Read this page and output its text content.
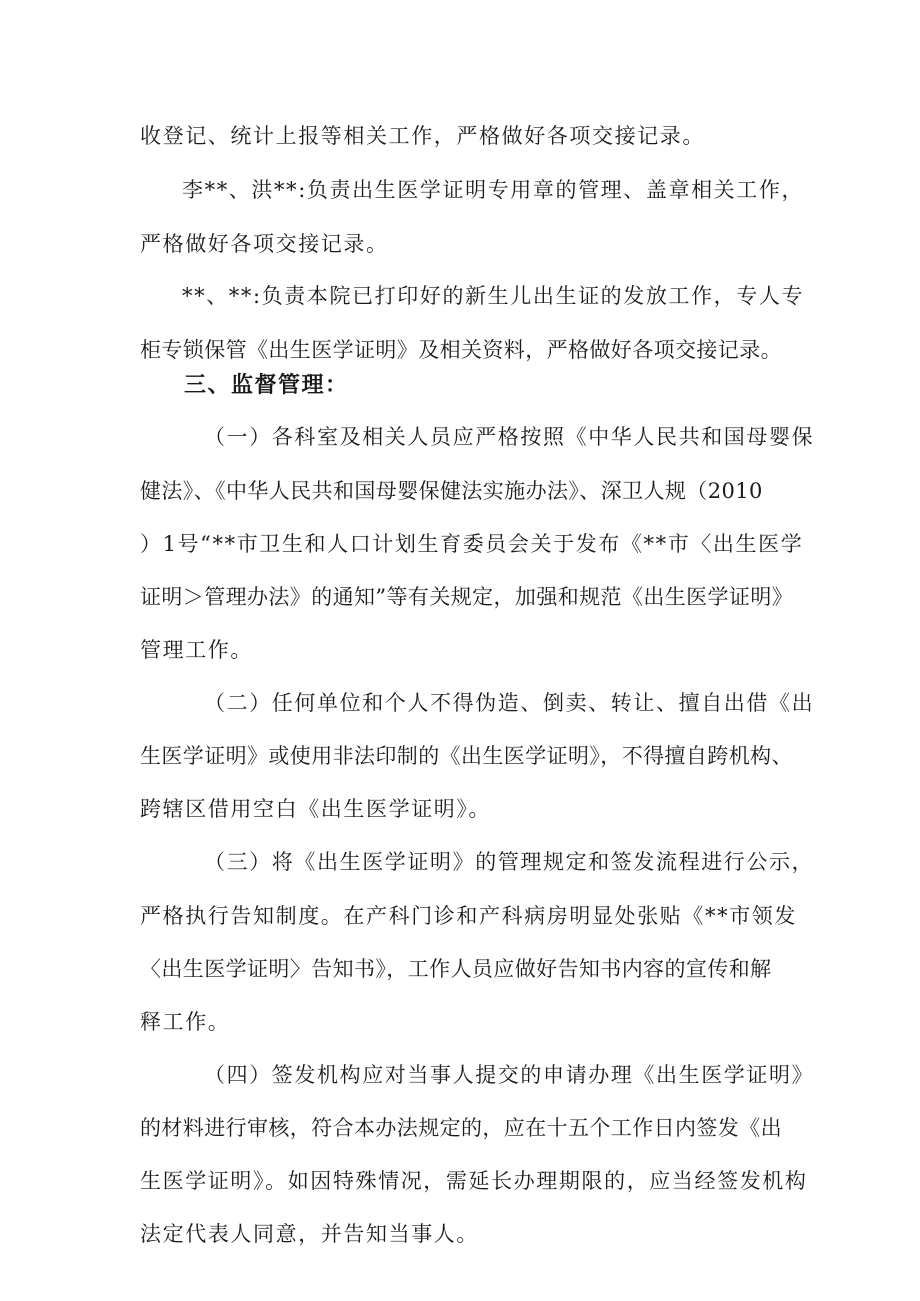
收登记、统计上报等相关工作，严格做好各项交接记录。
李**、洪**:负责出生医学证明专用章的管理、盖章相关工作，
严格做好各项交接记录。
**、**:负责本院已打印好的新生儿出生证的发放工作，专人专
柜专锁保管《出生医学证明》及相关资料，严格做好各项交接记录。
三、监督管理：
（一）各科室及相关人员应严格按照《中华人民共和国母婴保
健法》、《中华人民共和国母婴保健法实施办法》、深卫人规（2010
）1号“**市卫生和人口计划生育委员会关于发布《**市〈出生医学
证明＞管理办法》的通知”等有关规定，加强和规范《出生医学证明》
管理工作。
（二）任何单位和个人不得伪造、倒卖、转让、擅自出借《出
生医学证明》或使用非法印制的《出生医学证明》，不得擅自跨机构、
跨辖区借用空白《出生医学证明》。
（三）将《出生医学证明》的管理规定和签发流程进行公示，
严格执行告知制度。在产科门诊和产科病房明显处张贴《**市领发
〈出生医学证明〉告知书》，工作人员应做好告知书内容的宣传和解
释工作。
（四）签发机构应对当事人提交的申请办理《出生医学证明》
的材料进行审核，符合本办法规定的，应在十五个工作日内签发《出
生医学证明》。如因特殊情况，需延长办理期限的，应当经签发机构
法定代表人同意，并告知当事人。
